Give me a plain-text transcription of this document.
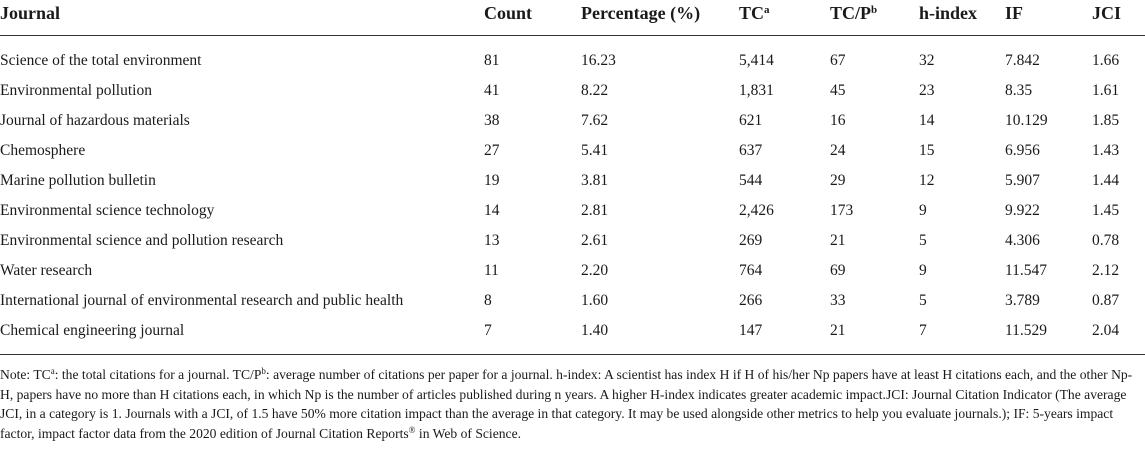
Journal	Count	Percentage (%)	$TC^a$	$TC/P^b$	h-index	IF	JCI
Science of the total environment	81	16.23	5,414	67	32	7.842	1.66
Environmental pollution	41	8.22	1,831	45	23	8.35	1.61
Journal of hazardous materials	38	7.62	621	16	14	10.129	1.85
Chemosphere	27	5.41	637	24	15	6.956	1.43
Marine pollution bulletin	19	3.81	544	29	12	5.907	1.44
Environmental science technology	14	2.81	2,426	173	9	9.922	1.45
Environmental science and pollution research	13	2.61	269	21	5	4.306	0.78
Water research	11	2.20	764	69	9	11.547	2.12
International journal of environmental research and public health	8	1.60	266	33	5	3.789	0.87
Chemical engineering journal	7	1.40	147	21	7	11.529	2.04
Note: $TC^a$: the total citations for a journal. $TC/P^b$: average number of citations per paper for a journal. h-index: A scientist has index H if H of his/her Np papers have at least H citations each, and the other Np-H, papers have no more than H citations each, in which Np is the number of articles published during n years. A higher H-index indicates greater academic impact.JCI: Journal Citation Indicator (The average JCI, in a category is 1. Journals with a JCI, of 1.5 have 50% more citation impact than the average in that category. It may be used alongside other metrics to help you evaluate journals.); IF: 5-years impact factor, impact factor data from the 2020 edition of Journal Citation Reports® in Web of Science.
